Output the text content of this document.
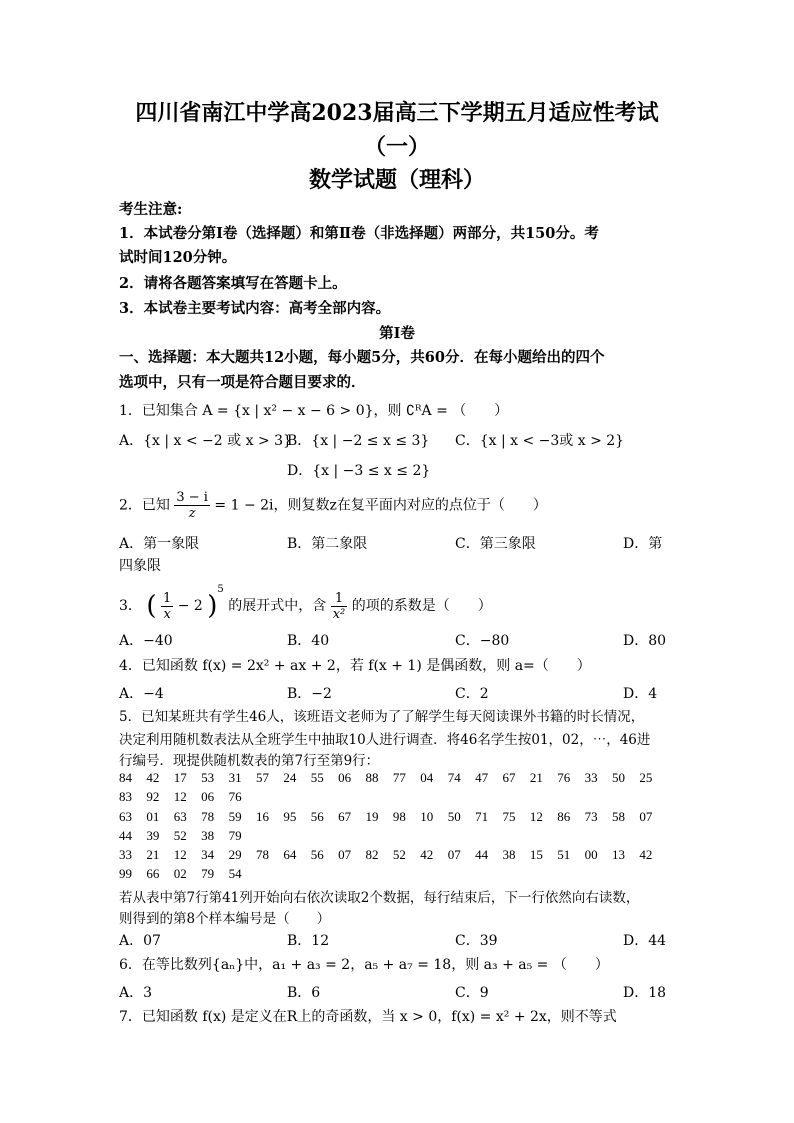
四川省南江中学高2023届高三下学期五月适应性考试
（一）
数学试题（理科）
考生注意:
1．本试卷分第Ⅰ卷（选择题）和第Ⅱ卷（非选择题）两部分，共150分。考
试时间120分钟。
2．请将各题答案填写在答题卡上。
3．本试卷主要考试内容：高考全部内容。
第Ⅰ卷
一、选择题：本大题共12小题，每小题5分，共60分．在每小题给出的四个
选项中，只有一项是符合题目要求的．
1．已知集合 A = {x | x² − x − 6 > 0}，则 ∁ᴿA = （　　）
A．{x | x < −2 或 x > 3}
B．{x | −2 ≤ x ≤ 3} C．{x | x < −3或 x > 2}
D．{x | −3 ≤ x ≤ 2}
2．已知 $\frac{3 - i}{z} = 1 - 2i$，则复数z在复平面内对应的点位于（　　）
A．第一象限	B．第二象限	C．第三象限	D．第
四象限
3． ( $\frac{1}{x} - 2$ )$^5$ 的展开式中，含 $\frac{1}{\text{x²}}$ 的项的系数是（　　）
A．−40	B．40	C．−80	D．80
4．已知函数 f(x) = 2x² + ax + 2，若 f(x + 1) 是偶函数，则 a=（　　）
A．−4	B．−2	C．2	D．4
5．已知某班共有学生46人，该班语文老师为了了解学生每天阅读课外书籍的时长情况，
决定利用随机数表法从全班学生中抽取10人进行调查．将46名学生按01，02，⋯，46进
行编号．现提供随机数表的第7行至第9行：
84 42 17 53 31 57 24 55 06 88 77 04 74 47 67 21 76 33 50 25
83 92 12 06 76
63 01 63 78 59 16 95 56 67 19 98 10 50 71 75 12 86 73 58 07
44 39 52 38 79
33 21 12 34 29 78 64 56 07 82 52 42 07 44 38 15 51 00 13 42
99 66 02 79 54
若从表中第7行第41列开始向右依次读取2个数据，每行结束后，下一行依然向右读数，
则得到的第8个样本编号是（　　）
A．07	B．12	C．39	D．44
6．在等比数列{aₙ}中，a₁ + a₃ = 2，a₅ + a₇ = 18，则 a₃ + a₅ = （　　）
A．3	B．6	C．9	D．18
7．已知函数 f(x) 是定义在R上的奇函数，当 x > 0，f(x) = x² + 2x，则不等式
